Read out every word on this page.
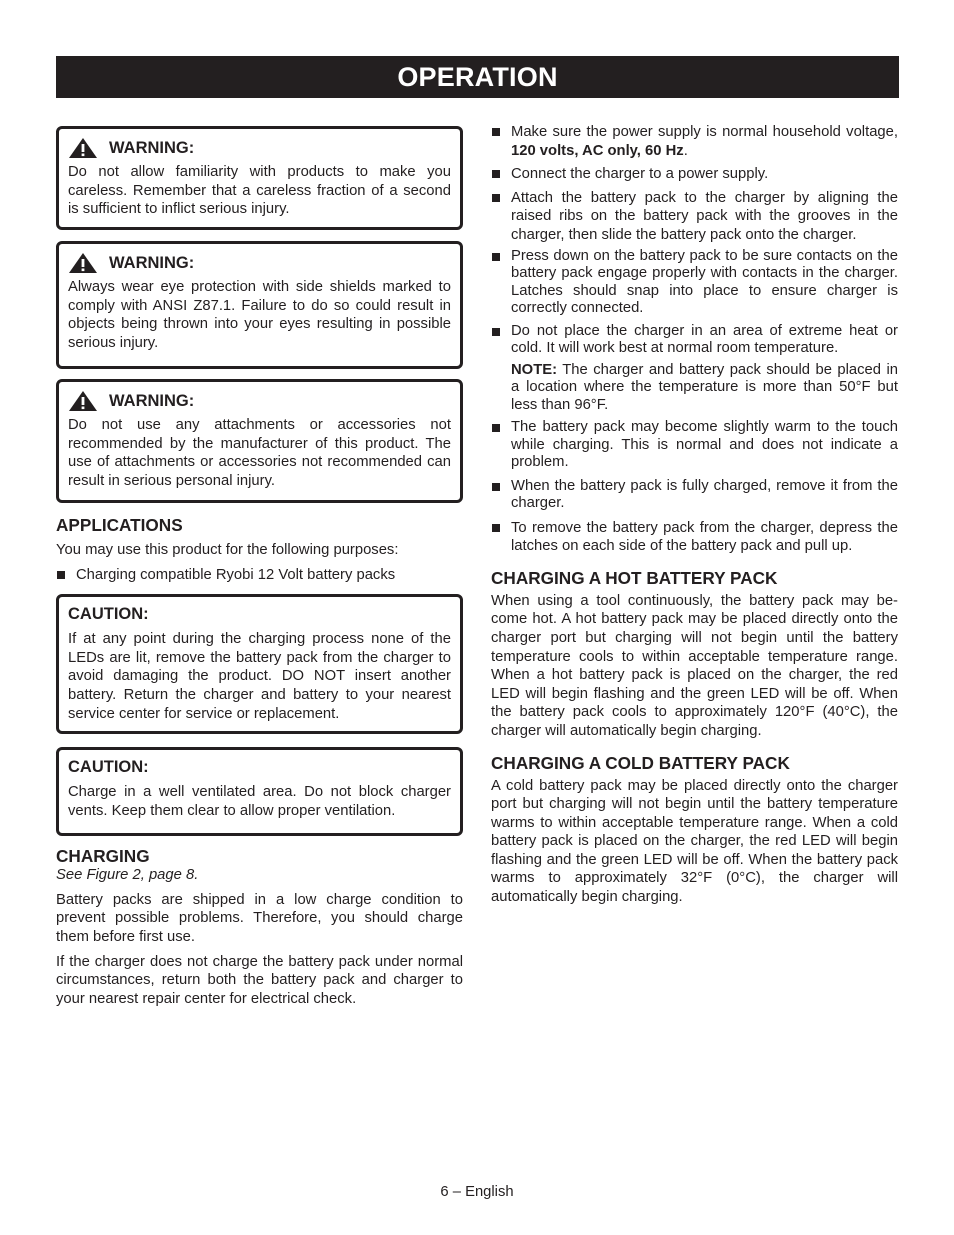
OPERATION
WARNING:
Do not allow familiarity with products to make you careless. Remember that a careless fraction of a second is sufficient to inflict serious injury.
WARNING:
Always wear eye protection with side shields marked to comply with ANSI Z87.1. Failure to do so could result in objects being thrown into your eyes resulting in possible serious injury.
WARNING:
Do not use any attachments or accessories not recommended by the manufacturer of this product. The use of attachments or accessories not recommended can result in serious personal injury.
APPLICATIONS

You may use this product for the following purposes:

Charging compatible Ryobi 12 Volt battery packs
CAUTION:
If at any point during the charging process none of the LEDs are lit, remove the battery pack from the charger to avoid damaging the product. DO NOT insert another battery. Return the charger and battery to your nearest service center for service or replacement.
CAUTION:
Charge in a well ventilated area. Do not block charger vents. Keep them clear to allow proper ventilation.
CHARGING

See Figure 2, page 8.

Battery packs are shipped in a low charge condition to prevent possible problems. Therefore, you should charge them before first use.

If the charger does not charge the battery pack under normal circumstances, return both the battery pack and charger to your nearest repair center for electrical check.

Make sure the power supply is normal household voltage, 120 volts, AC only, 60 Hz.
Connect the charger to a power supply.
Attach the battery pack to the charger by aligning the raised ribs on the battery pack with the grooves in the charger, then slide the battery pack onto the charger.
Press down on the battery pack to be sure contacts on the battery pack engage properly with contacts in the charger. Latches should snap into place to ensure charger is correctly connected.
Do not place the charger in an area of extreme heat or cold. It will work best at normal room temperature.
NOTE: The charger and battery pack should be placed in a location where the temperature is more than 50°F but less than 96°F.
The battery pack may become slightly warm to the touch while charging. This is normal and does not indicate a problem.
When the battery pack is fully charged, remove it from the charger.
To remove the battery pack from the charger, depress the latches on each side of the battery pack and pull up.
CHARGING A HOT BATTERY PACK

When using a tool continuously, the battery pack may be-come hot. A hot battery pack may be placed directly onto the charger port but charging will not begin until the battery temperature cools to within acceptable temperature range. When a hot battery pack is placed on the charger, the red LED will begin flashing and the green LED will be off. When the battery pack cools to approximately 120°F (40°C), the charger will automatically begin charging.

CHARGING A COLD BATTERY PACK

A cold battery pack may be placed directly onto the charger port but charging will not begin until the battery temperature warms to within acceptable temperature range. When a cold battery pack is placed on the charger, the red LED will begin flashing and the green LED will be off. When the battery pack warms to approximately 32°F (0°C), the charger will automatically begin charging.

6 – English
